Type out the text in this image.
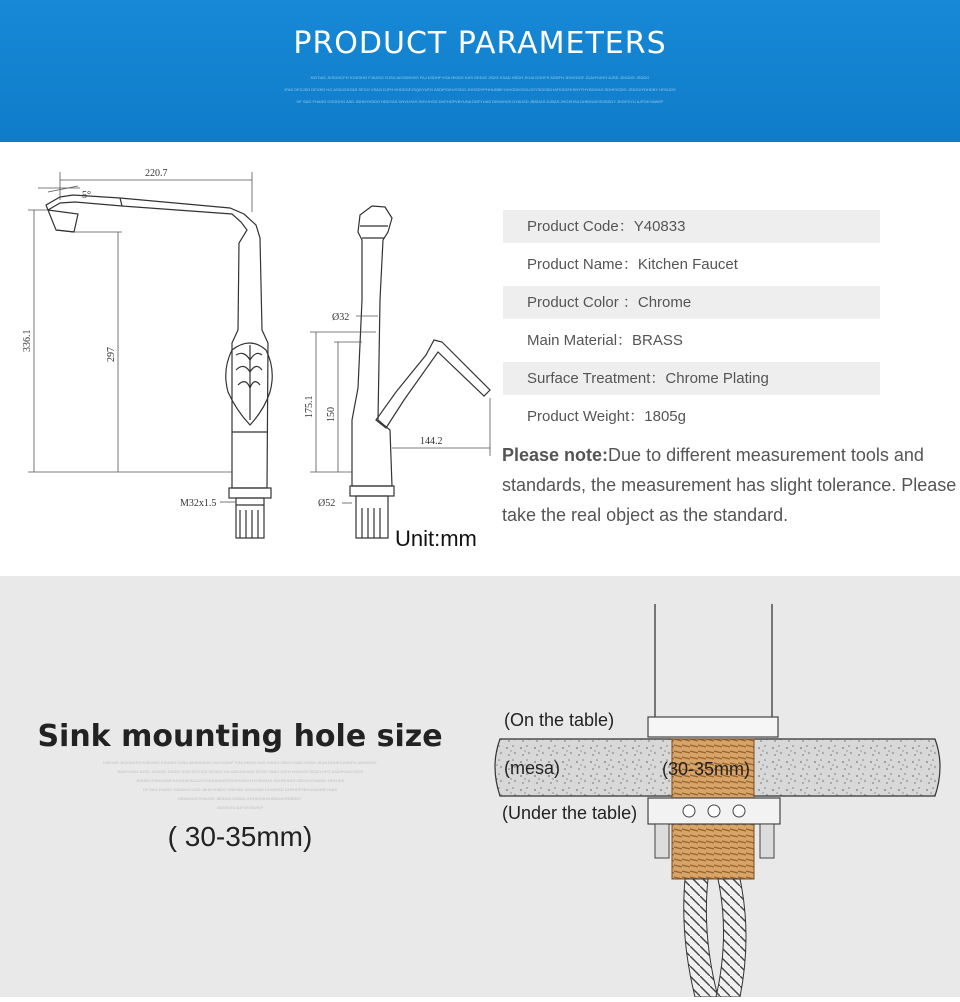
PRODUCT PARAMETERS
KWTIAS JKSGHCFG KGKSHG FJKASG GJSG AKSDKKSG FAJ KSDHF KSA HKKIG KAS GKDIG JSDG KSAD HSDH JKUA DGHFS ASDFH JDHGDGF JDAHYUHG AJSD JDGDIG JSDDG
IFAS DFGJSD DFGKD HG ASDJGKSAS SFGG VSAG DJFH KHDDGFJSQDYUFG ASDIPGKUYSDG JHGSDYPHHUDBEYUHGDIKSGUJGYSDKSDHATKSGFKSNYTHYSDGHJI SDHFKSDG JSDGUYDHDBY HFKUDS
DF SAG FHASG GSGDHG ASD JBHDYHSDG HBDYAS DHVUYAS DHVJHSD DHFHDFVBYUSA DBFYUAS DBVAHUS DYAUSD JBSDAS DJBAS JHGSHSA DHBDUAYEDBSDY JDGFDYU AJFGKYAWEF
220.7
5°
336.1
297
Ø32
175.1 150
144.2
M32x1.5	Ø52
Unit:mm
Product Code：Y40833
Product Name：Kitchen Faucet
Product Color ：Chrome
Main Material：BRASS
Surface Treatment：Chrome Plating
Product Weight：1805g
Please note:Due to different measurement tools and standards, the measurement has slight tolerance. Please take the real object as the standard.
Sink mounting hole size
KWTIAS JKSGHCFG KGKSHG FJKASG GJSG AKSDKKSG FAJ KSDHF KSA HKKIG KAS GKDIG JSDG KSAD HSDH JKUA DGHFS ASDFH JDHGDGF
JDAHYUHG AJSD JDGDIG JSDDG IFAS DFGJSD DFGKD HG ASDJGKSAS SFGG VSAG DJFH KHDDGFJSQDYUFG ASDIPGKUYSDG
JHGSDYPHHUDBEYUHGDIKSGUJGYSDKSDHATKSGFKSNYTHYSDGHJI SDHFKSDG JSDGUYDHDBY HFKUDS
DF SAG FHASG GSGDHG ASD JBHDYHSDG HBDYAS DHVUYAS DHVJHSD DHFHDFVBYUSA DBFYUAS
DBVAHUS DYAUSD JBSDAS DJBAS JHGSHSA DHBDUAYEDBSDY
JDGFDYU AJFGKYAWEF
( 30-35mm)
(On the table)
(mesa)	(30-35mm)
(Under the table)
